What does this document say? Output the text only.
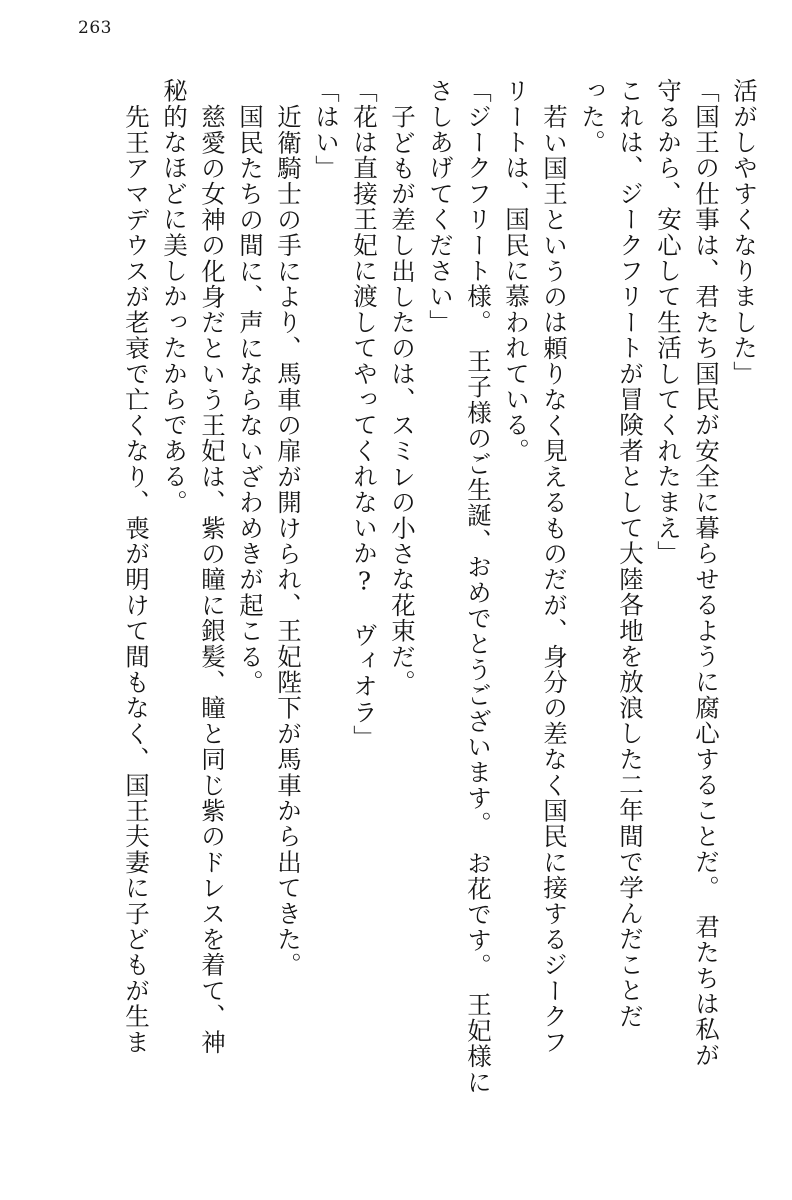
263
活がしやすくなりました」
「国王の仕事は、君たち国民が安全に暮らせるように腐心することだ。　君たちは私が
守るから、安心して生活してくれたまえ」
これは、ジークフリートが冒険者として大陸各地を放浪した二年間で学んだことだ
った。
若い国王というのは頼りなく見えるものだが、身分の差なく国民に接するジークフ
リートは、国民に慕われている。
「ジークフリート様。　王子様のご生誕、おめでとうございます。　お花です。　王妃様に
さしあげてください」
子どもが差し出したのは、スミレの小さな花束だ。
「花は直接王妃に渡してやってくれないか?　ヴィオラ」
「はい」
近衛騎士の手により、馬車の扉が開けられ、王妃陛下が馬車から出てきた。
国民たちの間に、声にならないざわめきが起こる。
慈愛の女神の化身だという王妃は、紫の瞳に銀髪、瞳と同じ紫のドレスを着て、神
秘的なほどに美しかったからである。
先王アマデウスが老衰で亡くなり、喪が明けて間もなく、国王夫妻に子どもが生ま
